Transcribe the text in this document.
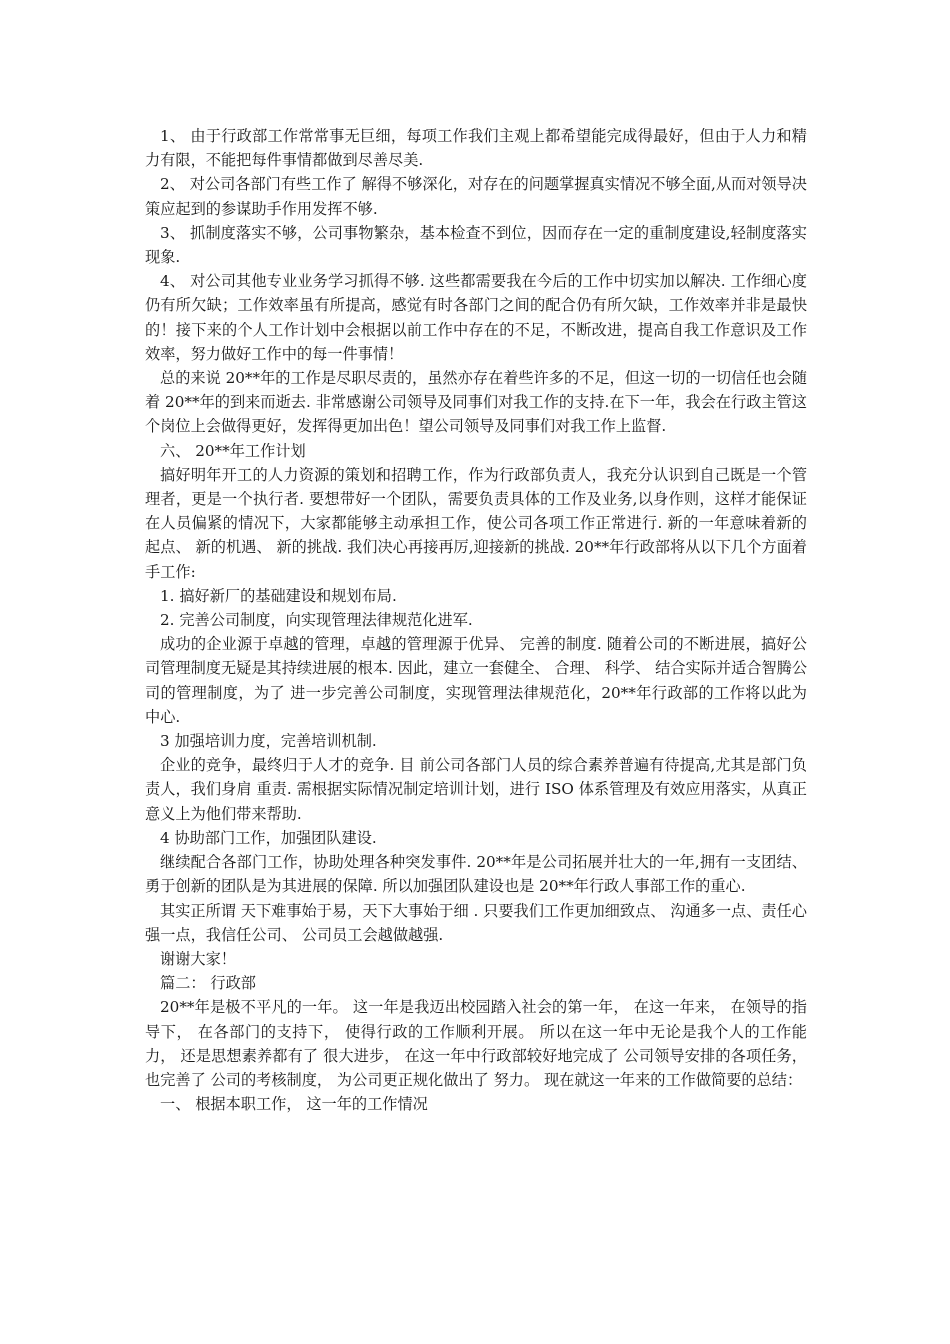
1、 由于行政部工作常常事无巨细，每项工作我们主观上都希望能完成得最好，但由于人力和精力有限，不能把每件事情都做到尽善尽美.

2、 对公司各部门有些工作了 解得不够深化，对存在的问题掌握真实情况不够全面,从而对领导决策应起到的参谋助手作用发挥不够.

3、 抓制度落实不够，公司事物繁杂，基本检查不到位，因而存在一定的重制度建设,轻制度落实现象.

4、 对公司其他专业业务学习抓得不够. 这些都需要我在今后的工作中切实加以解决. 工作细心度仍有所欠缺；工作效率虽有所提高，感觉有时各部门之间的配合仍有所欠缺，工作效率并非是最快的！接下来的个人工作计划中会根据以前工作中存在的不足，不断改进，提高自我工作意识及工作效率，努力做好工作中的每一件事情！

总的来说 20**年的工作是尽职尽责的，虽然亦存在着些许多的不足，但这一切的一切信任也会随着 20**年的到来而逝去. 非常感谢公司领导及同事们对我工作的支持.在下一年，我会在行政主管这个岗位上会做得更好，发挥得更加出色！望公司领导及同事们对我工作上监督.

六、 20**年工作计划

搞好明年开工的人力资源的策划和招聘工作，作为行政部负责人，我充分认识到自己既是一个管理者，更是一个执行者. 要想带好一个团队，需要负责具体的工作及业务,以身作则，这样才能保证在人员偏紧的情况下，大家都能够主动承担工作，使公司各项工作正常进行. 新的一年意味着新的起点、 新的机遇、 新的挑战. 我们决心再接再厉,迎接新的挑战. 20**年行政部将从以下几个方面着手工作:

1. 搞好新厂的基础建设和规划布局.

2. 完善公司制度，向实现管理法律规范化进军.

成功的企业源于卓越的管理，卓越的管理源于优异、 完善的制度. 随着公司的不断进展，搞好公司管理制度无疑是其持续进展的根本. 因此，建立一套健全、 合理、 科学、 结合实际并适合智腾公司的管理制度，为了 进一步完善公司制度，实现管理法律规范化，20**年行政部的工作将以此为中心.

3 加强培训力度，完善培训机制.

企业的竞争，最终归于人才的竞争. 目 前公司各部门人员的综合素养普遍有待提高,尤其是部门负责人，我们身肩 重责. 需根据实际情况制定培训计划，进行 ISO 体系管理及有效应用落实，从真正意义上为他们带来帮助.

4 协助部门工作，加强团队建设.

继续配合各部门工作，协助处理各种突发事件. 20**年是公司拓展并壮大的一年,拥有一支团结、 勇于创新的团队是为其进展的保障. 所以加强团队建设也是 20**年行政人事部工作的重心.

其实正所谓 天下难事始于易，天下大事始于细 . 只要我们工作更加细致点、 沟通多一点、责任心强一点，我信任公司、 公司员工会越做越强.

谢谢大家！

篇二： 行政部

20**年是极不平凡的一年。 这一年是我迈出校园踏入社会的第一年， 在这一年来， 在领导的指导下， 在各部门的支持下， 使得行政的工作顺利开展。 所以在这一年中无论是我个人的工作能力， 还是思想素养都有了 很大进步， 在这一年中行政部较好地完成了 公司领导安排的各项任务， 也完善了 公司的考核制度， 为公司更正规化做出了 努力。 现在就这一年来的工作做简要的总结：

一、 根据本职工作， 这一年的工作情况
